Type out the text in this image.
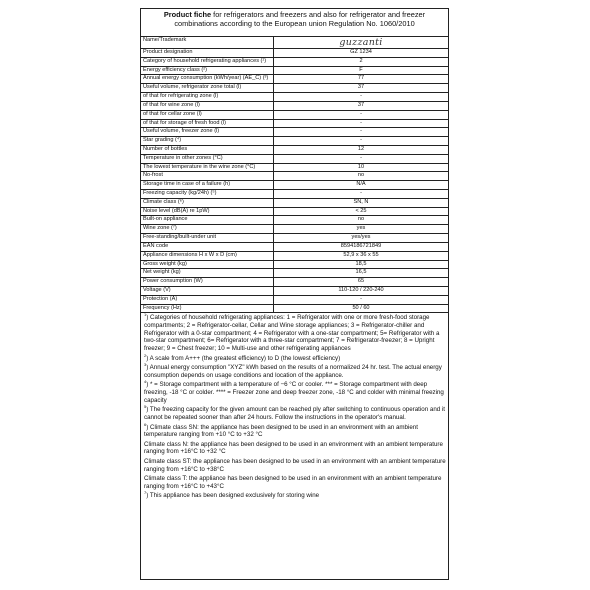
Product fiche for refrigerators and freezers and also for refrigerator and freezer
combinations according to the European union Regulation No. 1060/2010
Name/Trademark	guzzanti
Product designation	GZ 1234
Category of household refrigerating appliances (¹)	2
Energy efficiency class (²)	F
Annual energy consumption (kWh/year) (AE_C) (³)	77
Useful volume, refrigerator zone total (l)	37
of that for refrigerating zone (l)	-
of that for wine zone (l)	37
of that for cellar zone (l)	-
of that for storage of fresh food (l)	-
Useful volume, freezer zone (l)	-
Star grading (⁴)	-
Number of bottles	12
Temperature in other zones (°C)	-
The lowest temperature in the wine zone (°C)	10
No-frost	no
Storage time in case of a failure (h)	N/A
Freezing capacity (kg/24h) (⁵)	-
Climate class (⁶)	SN, N
Noise level (dB(A) re 1pW)	< 25
Built-on appliance	no
Wine zone (⁷)	yes
Free-standing/built-under unit	yes/yes
EAN code	8594186721849
Appliance dimensions H x W x D (cm)	52,9 x 36 x 55
Gross weight (kg)	18,5
Net weight (kg)	16,5
Power consumption (W)	65
Voltage (V)	110-120 / 220-240
Protection (A)	-
Frequency (Hz)	50 / 60
$^1$) Categories of household refrigerating appliances: 1 = Refrigerator with one or more fresh-food storage compartments; 2 = Refrigerator-cellar, Cellar and Wine storage appliances; 3 = Refrigerator-chiller and Refrigerator with a 0-star compartment; 4 = Refrigerator with a one-star compartment; 5= Refrigerator with a two-star compartment; 6= Refrigerator with a three-star compartment; 7 = Refrigerator-freezer; 8 = Upright freezer; 9 = Chest freezer; 10 = Multi-use and other refrigerating appliances
$^2$) A scale from A+++ (the greatest efficiency) to D (the lowest efficiency)
$^3$) Annual energy consumption "XYZ" kWh based on the results of a normalized 24 hr. test. The actual energy consumption depends on usage conditions and location of the appliance.
$^4$) * = Storage compartment with a temperature of −6 °C or cooler. *** = Storage compartment with deep freezing, -18 °C or colder. **** = Freezer zone and deep freezer zone, -18 °C and colder with minimal freezing capacity
$^5$) The freezing capacity for the given amount can be reached ply after switching to continuous operation and it cannot be repeated sooner than after 24 hours. Follow the instructions in the operator's manual.
$^6$) Climate class SN: the appliance has been designed to be used in an environment with an ambient temperature ranging from +10 °C to +32 °C
Climate class N: the appliance has been designed to be used in an environment with an ambient temperature ranging from +16°C to +32 °C
Climate class ST: the appliance has been designed to be used in an environment with an ambient temperature ranging from +16°C to +38°C
Climate class T: the appliance has been designed to be used in an environment with an ambient temperature ranging from +16°C to +43°C
$^7$) This appliance has been designed exclusively for storing wine
